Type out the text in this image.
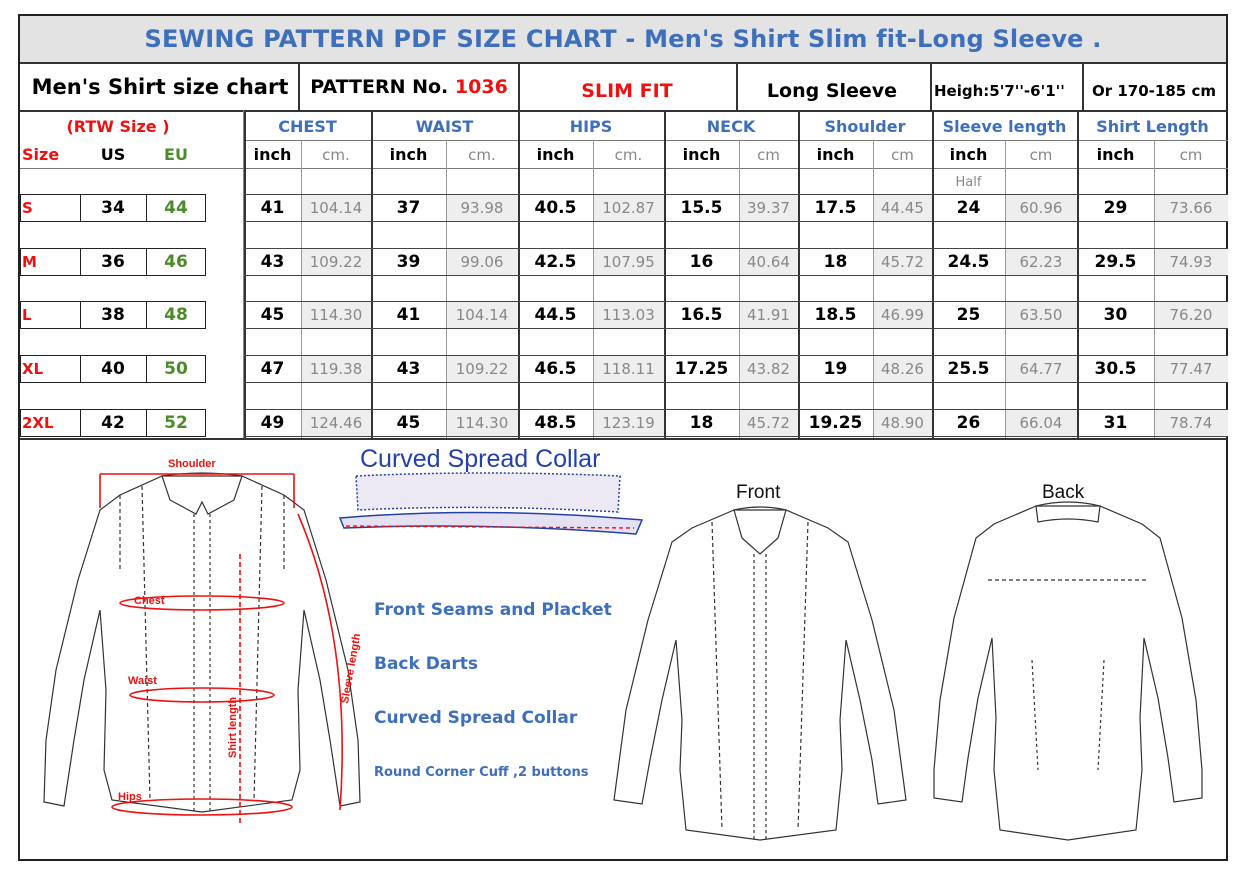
SEWING PATTERN PDF SIZE CHART - Men's Shirt Slim fit-Long Sleeve .
Men's Shirt size chart	PATTERN No.
1036	SLIM FIT	Long Sleeve	Heigh:5'7''-6'1''	Or 170-185 cm
(RTW Size )	CHEST	WAIST	HIPS	NECK	Shoulder	Sleeve length	Shirt Length
Size	US	EU	inch	cm.	inch	cm.	inch	cm.	inch	cm	inch	cm	inch	cm	inch	cm
Half
S	34	44	41	104.14	37	93.98	40.5	102.87	15.5	39.37	17.5	44.45	24	60.96	29	73.66
M	36	46	43	109.22	39	99.06	42.5	107.95	16	40.64	18	45.72	24.5	62.23	29.5	74.93
L	38	48	45	114.30	41	104.14	44.5	113.03	16.5	41.91	18.5	46.99	25	63.50	30	76.20
XL	40	50	47	119.38	43	109.22	46.5	118.11	17.25	43.82	19	48.26	25.5	64.77	30.5	77.47
2XL	42	52	49	124.46	45	114.30	48.5	123.19	18	45.72	19.25	48.90	26	66.04	31	78.74
Shoulder
Chest
Waist
Hips
Shirt length
Sleeve length
Curved Spread Collar
Front	Back
Front Seams and Placket
Back Darts
Curved Spread Collar
Round Corner Cuff ,2 buttons
